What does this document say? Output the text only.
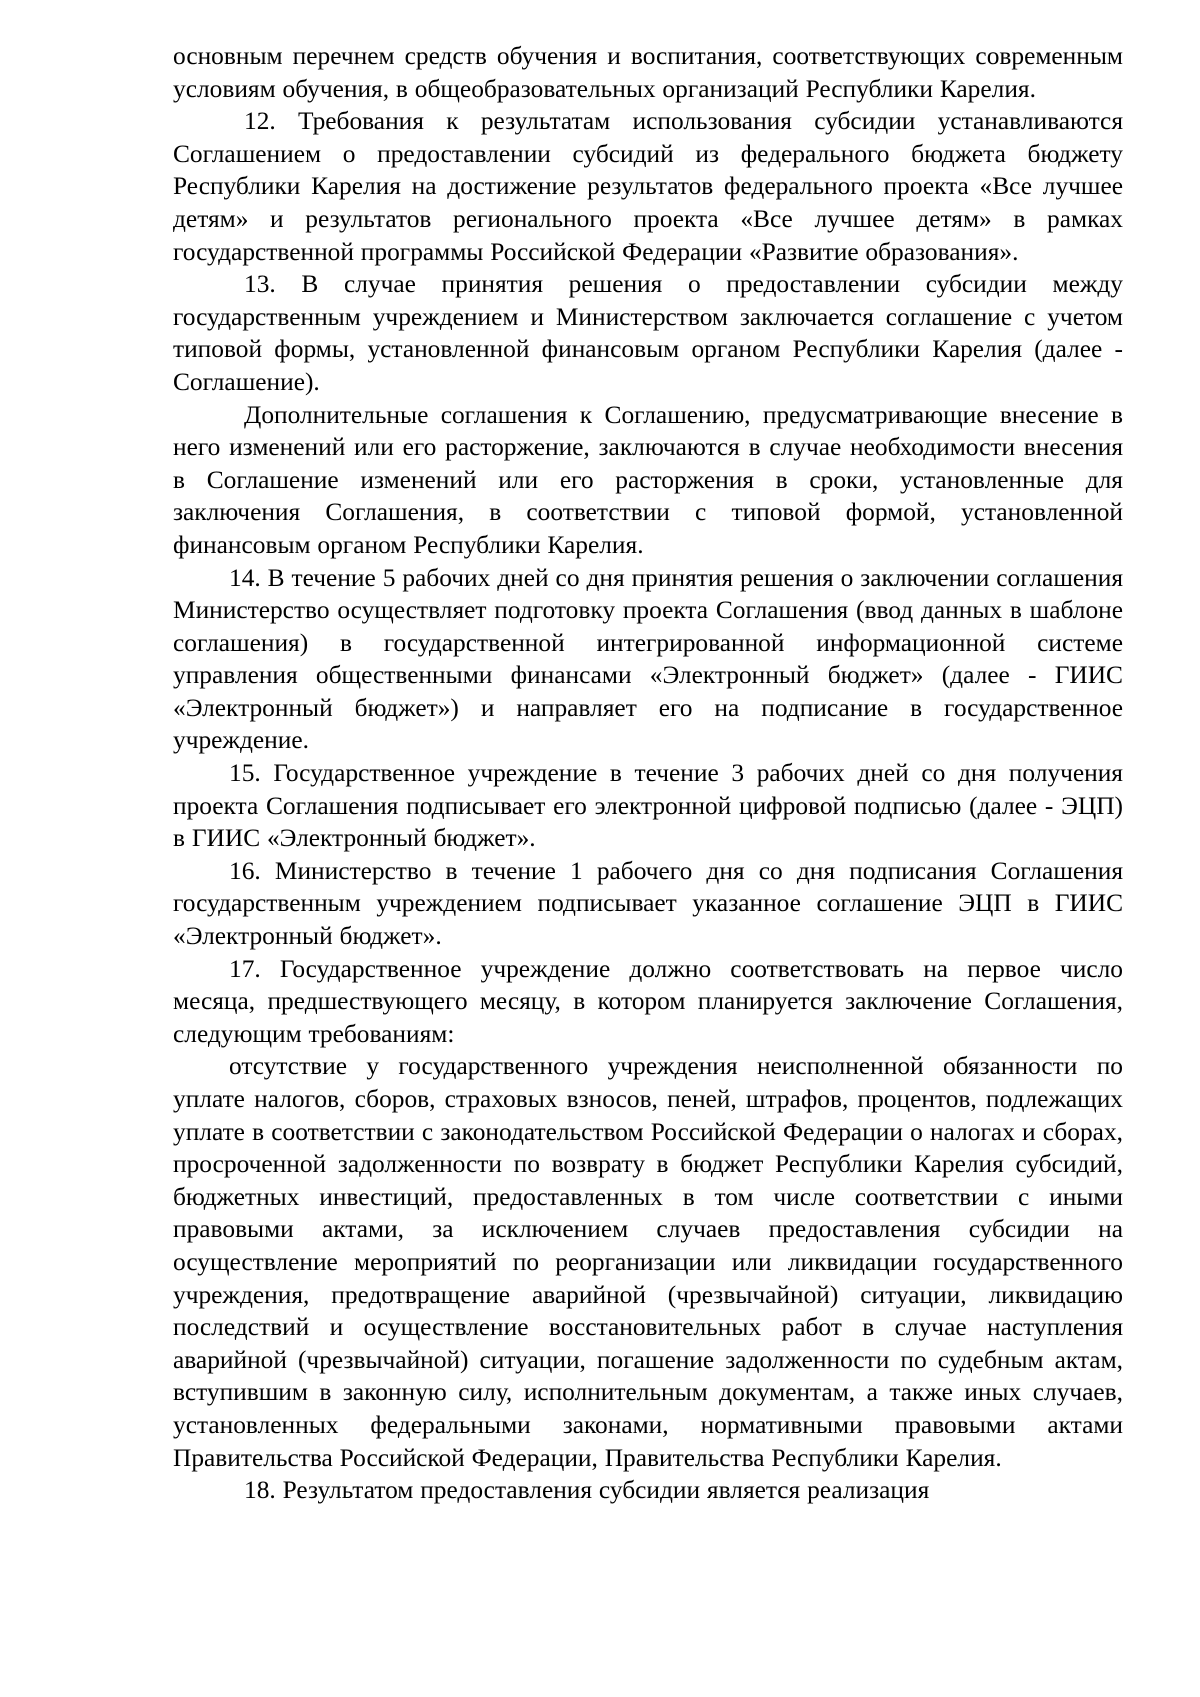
основным перечнем средств обучения и воспитания, соответствующих современным условиям обучения, в общеобразовательных организаций Республики Карелия.

12. Требования к результатам использования субсидии устанавливаются Соглашением о предоставлении субсидий из федерального бюджета бюджету Республики Карелия на достижение результатов федерального проекта «Все лучшее детям» и результатов регионального проекта «Все лучшее детям» в рамках государственной программы Российской Федерации «Развитие образования».

13. В случае принятия решения о предоставлении субсидии между государственным учреждением и Министерством заключается соглашение с учетом типовой формы, установленной финансовым органом Республики Карелия (далее - Соглашение).

Дополнительные соглашения к Соглашению, предусматривающие внесение в него изменений или его расторжение, заключаются в случае необходимости внесения в Соглашение изменений или его расторжения в сроки, установленные для заключения Соглашения, в соответствии с типовой формой, установленной финансовым органом Республики Карелия.

14. В течение 5 рабочих дней со дня принятия решения о заключении соглашения Министерство осуществляет подготовку проекта Соглашения (ввод данных в шаблоне соглашения) в государственной интегрированной информационной системе управления общественными финансами «Электронный бюджет» (далее - ГИИС «Электронный бюджет») и направляет его на подписание в государственное учреждение.

15. Государственное учреждение в течение 3 рабочих дней со дня получения проекта Соглашения подписывает его электронной цифровой подписью (далее - ЭЦП) в ГИИС «Электронный бюджет».

16. Министерство в течение 1 рабочего дня со дня подписания Соглашения государственным учреждением подписывает указанное соглашение ЭЦП в ГИИС «Электронный бюджет».

17. Государственное учреждение должно соответствовать на первое число месяца, предшествующего месяцу, в котором планируется заключение Соглашения, следующим требованиям:

отсутствие у государственного учреждения неисполненной обязанности по уплате налогов, сборов, страховых взносов, пеней, штрафов, процентов, подлежащих уплате в соответствии с законодательством Российской Федерации о налогах и сборах, просроченной задолженности по возврату в бюджет Республики Карелия субсидий, бюджетных инвестиций, предоставленных в том числе соответствии с иными правовыми актами, за исключением случаев предоставления субсидии на осуществление мероприятий по реорганизации или ликвидации государственного учреждения, предотвращение аварийной (чрезвычайной) ситуации, ликвидацию последствий и осуществление восстановительных работ в случае наступления аварийной (чрезвычайной) ситуации, погашение задолженности по судебным актам, вступившим в законную силу, исполнительным документам, а также иных случаев, установленных федеральными законами, нормативными правовыми актами Правительства Российской Федерации, Правительства Республики Карелия.

18. Результатом предоставления субсидии является реализация
